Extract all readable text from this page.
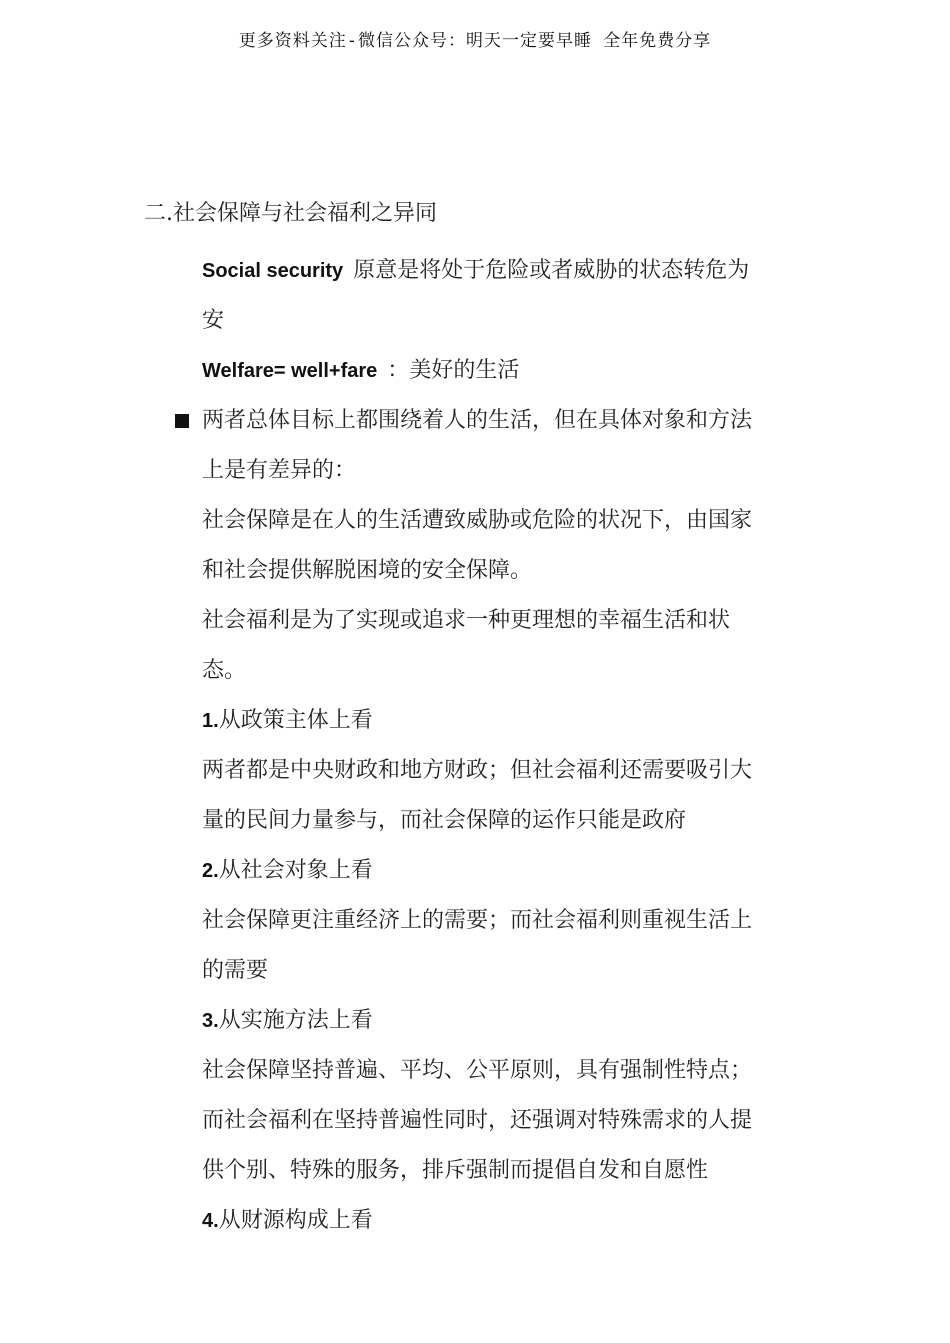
更多资料关注-微信公众号：明天一定要早睡 全年免费分享
二.社会保障与社会福利之异同
Social security 原意是将处于危险或者威胁的状态转危为
安
Welfare= well+fare ：美好的生活
两者总体目标上都围绕着人的生活，但在具体对象和方法
上是有差异的：
社会保障是在人的生活遭致威胁或危险的状况下，由国家
和社会提供解脱困境的安全保障。
社会福利是为了实现或追求一种更理想的幸福生活和状
态。
1.从政策主体上看
两者都是中央财政和地方财政；但社会福利还需要吸引大
量的民间力量参与，而社会保障的运作只能是政府
2.从社会对象上看
社会保障更注重经济上的需要；而社会福利则重视生活上
的需要
3.从实施方法上看
社会保障坚持普遍、平均、公平原则，具有强制性特点；
而社会福利在坚持普遍性同时，还强调对特殊需求的人提
供个别、特殊的服务，排斥强制而提倡自发和自愿性
4.从财源构成上看
